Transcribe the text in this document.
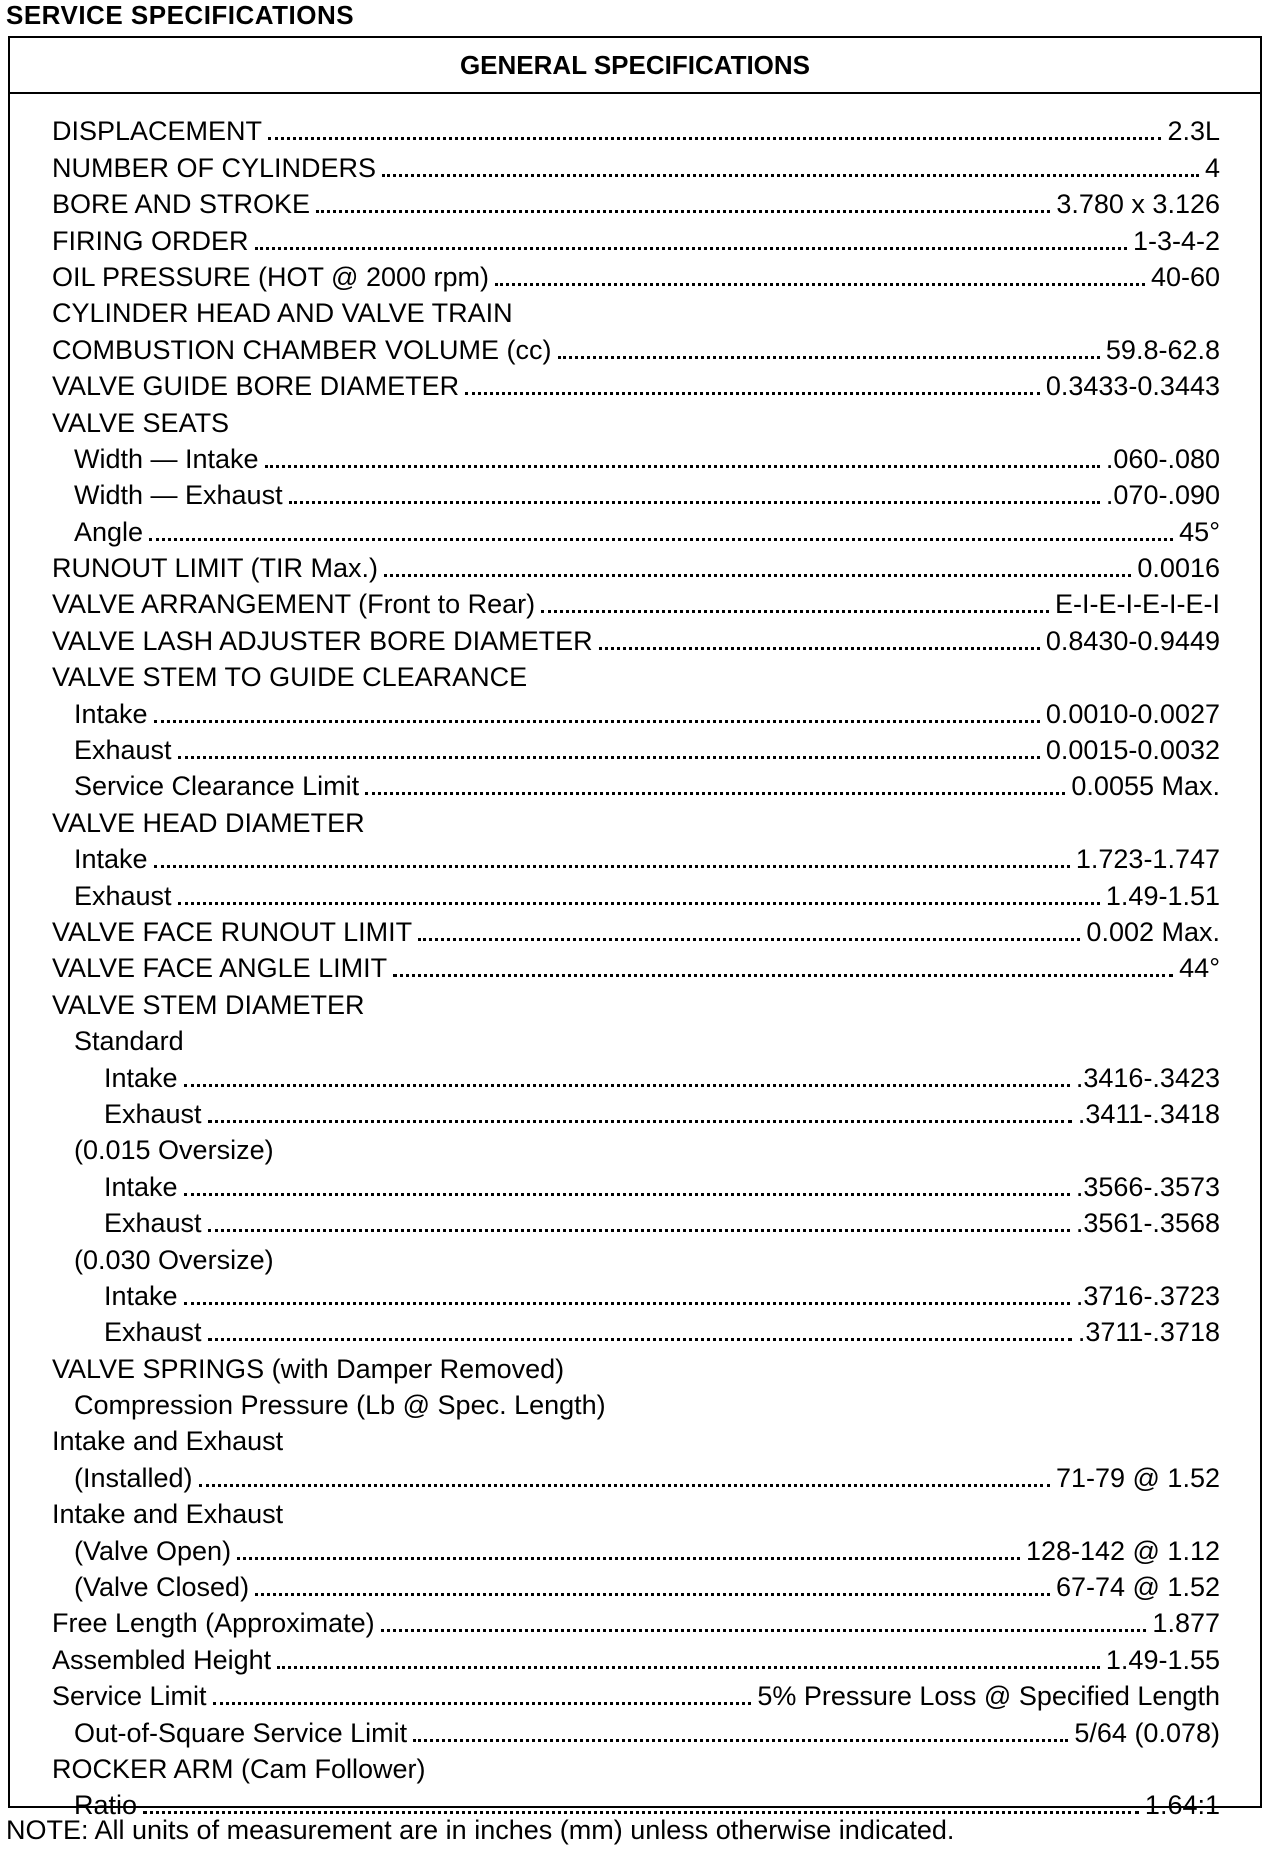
SERVICE SPECIFICATIONS
GENERAL SPECIFICATIONS
DISPLACEMENT	2.3L
NUMBER OF CYLINDERS	4
BORE AND STROKE	3.780 x 3.126
FIRING ORDER	1-3-4-2
OIL PRESSURE (HOT @ 2000 rpm)	40-60
CYLINDER HEAD AND VALVE TRAIN
COMBUSTION CHAMBER VOLUME (cc)	59.8-62.8
VALVE GUIDE BORE DIAMETER	0.3433-0.3443
VALVE SEATS
Width — Intake	.060-.080
Width — Exhaust	.070-.090
Angle	45°
RUNOUT LIMIT (TIR Max.)	0.0016
VALVE ARRANGEMENT (Front to Rear)	E-I-E-I-E-I-E-I
VALVE LASH ADJUSTER BORE DIAMETER	0.8430-0.9449
VALVE STEM TO GUIDE CLEARANCE
Intake	0.0010-0.0027
Exhaust	0.0015-0.0032
Service Clearance Limit	0.0055 Max.
VALVE HEAD DIAMETER
Intake	1.723-1.747
Exhaust	1.49-1.51
VALVE FACE RUNOUT LIMIT	0.002 Max.
VALVE FACE ANGLE LIMIT	44°
VALVE STEM DIAMETER
Standard
Intake	.3416-.3423
Exhaust	.3411-.3418
(0.015 Oversize)
Intake	.3566-.3573
Exhaust	.3561-.3568
(0.030 Oversize)
Intake	.3716-.3723
Exhaust	.3711-.3718
VALVE SPRINGS (with Damper Removed)
Compression Pressure (Lb @ Spec. Length)
Intake and Exhaust
(Installed)	71-79 @ 1.52
Intake and Exhaust
(Valve Open)	128-142 @ 1.12
(Valve Closed)	67-74 @ 1.52
Free Length (Approximate)	1.877
Assembled Height	1.49-1.55
Service Limit	5% Pressure Loss @ Specified Length
Out-of-Square Service Limit	5/64 (0.078)
ROCKER ARM (Cam Follower)
Ratio	1.64:1
NOTE: All units of measurement are in inches (mm) unless otherwise indicated.
